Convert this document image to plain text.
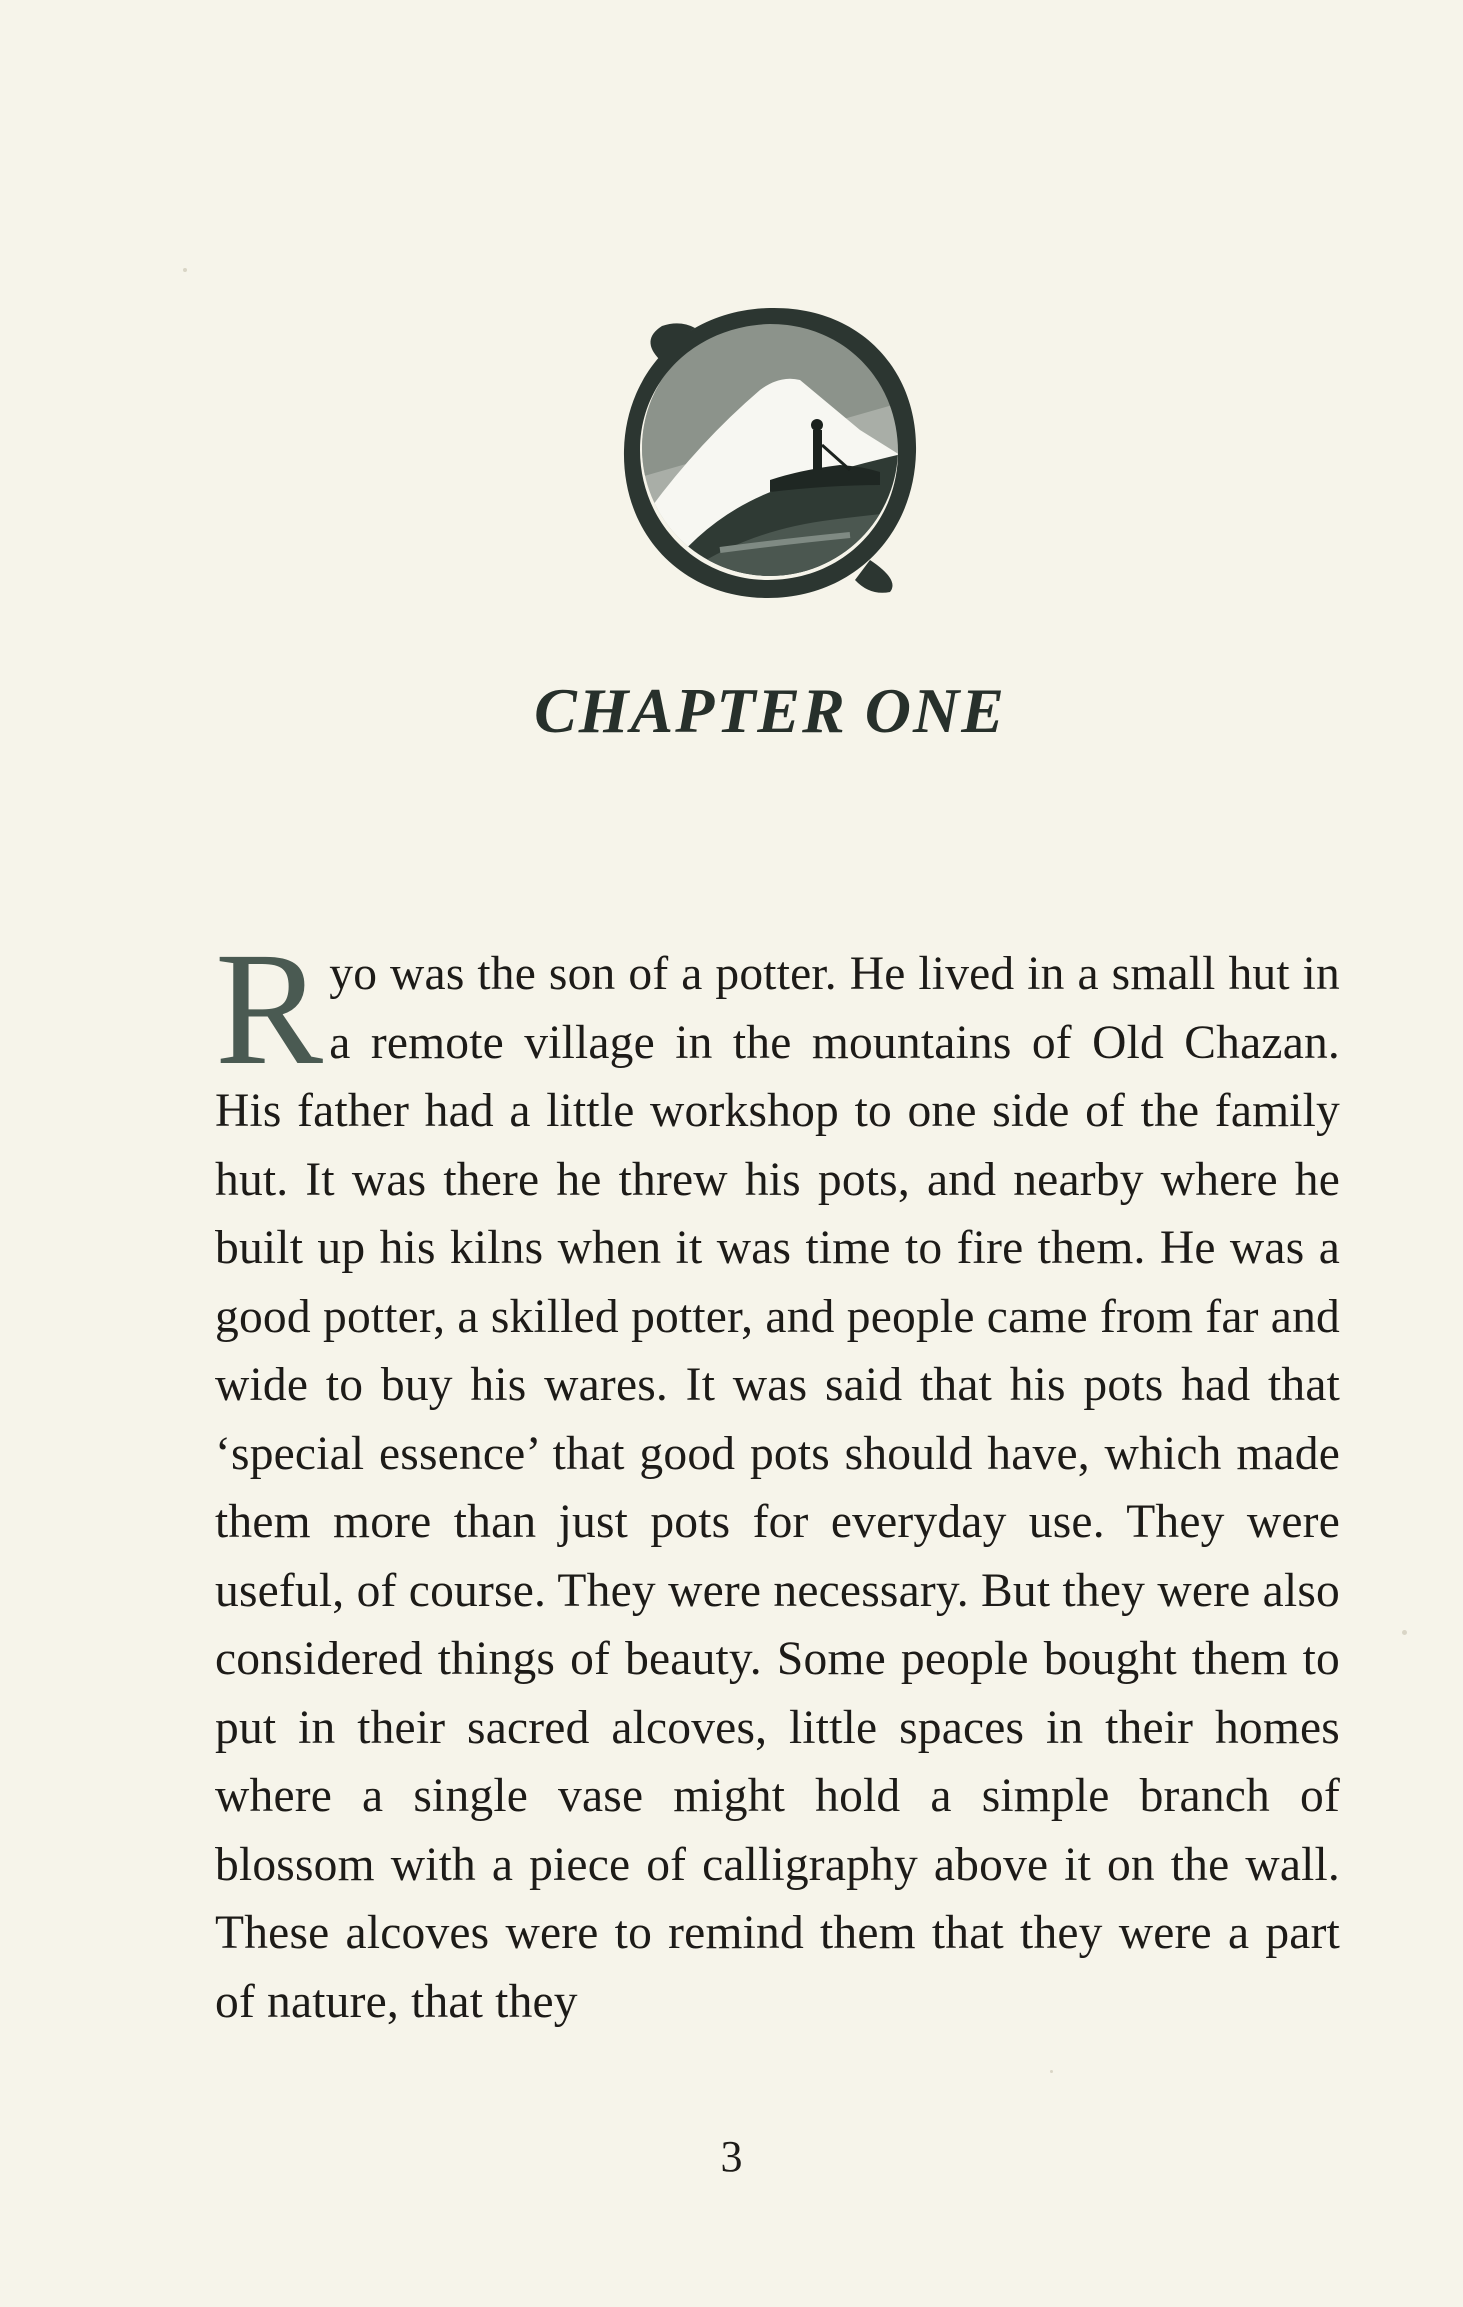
CHAPTER ONE
R yo was the son of a potter. He lived in a small hut in a remote village in the mountains of Old Chazan. His father had a little workshop to one side of the family hut. It was there he threw his pots, and nearby where he built up his kilns when it was time to fire them. He was a good potter, a skilled potter, and people came from far and wide to buy his wares. It was said that his pots had that ‘special essence’ that good pots should have, which made them more than just pots for everyday use. They were useful, of course. They were necessary. But they were also considered things of beauty. Some people bought them to put in their sacred alcoves, little spaces in their homes where a single vase might hold a simple branch of blossom with a piece of calligraphy above it on the wall. These alcoves were to remind them that they were a part of nature, that they
3
